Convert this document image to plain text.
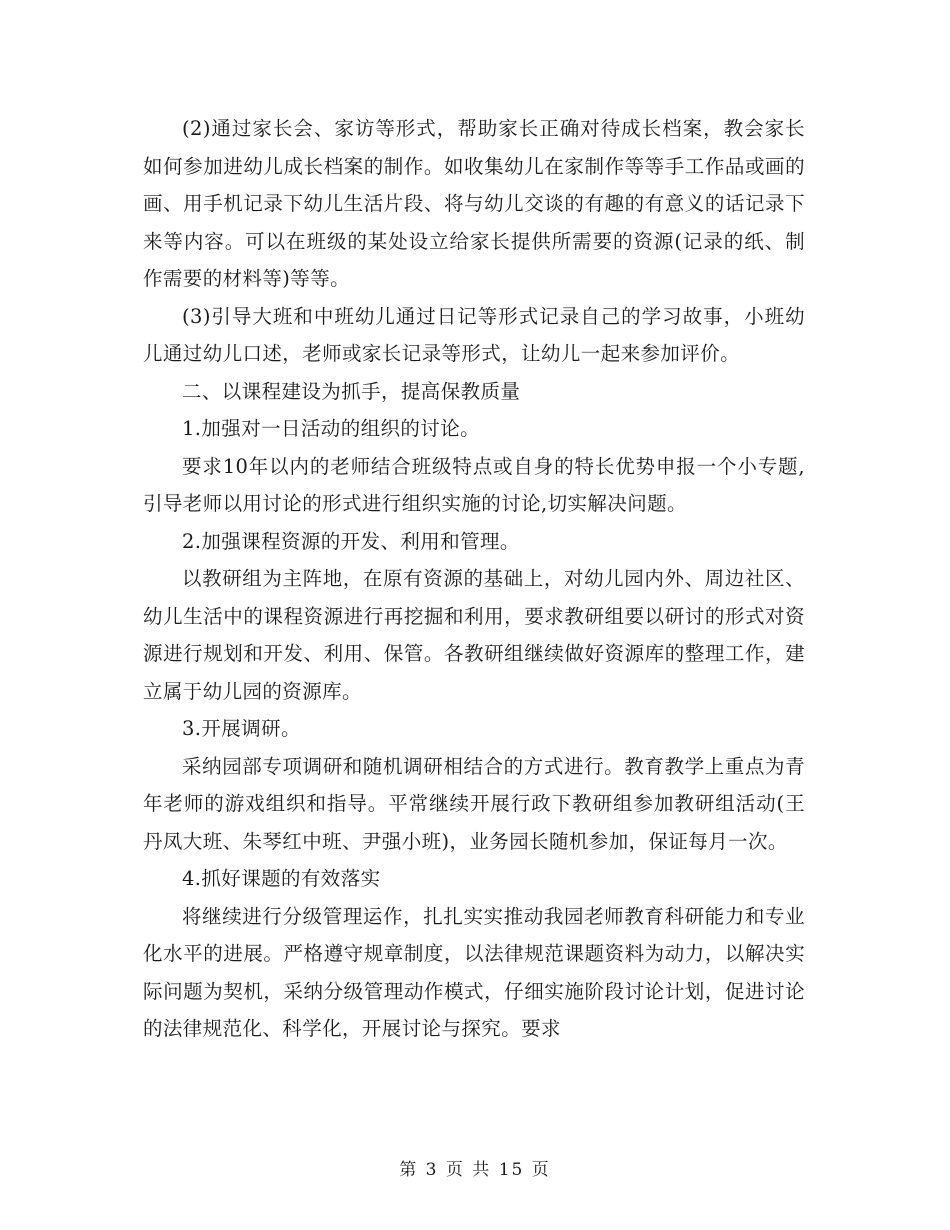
(2)通过家长会、家访等形式，帮助家长正确对待成长档案，教会家长如何参加进幼儿成长档案的制作。如收集幼儿在家制作等等手工作品或画的画、用手机记录下幼儿生活片段、将与幼儿交谈的有趣的有意义的话记录下来等内容。可以在班级的某处设立给家长提供所需要的资源(记录的纸、制作需要的材料等)等等。

(3)引导大班和中班幼儿通过日记等形式记录自己的学习故事，小班幼儿通过幼儿口述，老师或家长记录等形式，让幼儿一起来参加评价。

二、以课程建设为抓手，提高保教质量

1.加强对一日活动的组织的讨论。

要求10年以内的老师结合班级特点或自身的特长优势申报一个小专题,引导老师以用讨论的形式进行组织实施的讨论,切实解决问题。

2.加强课程资源的开发、利用和管理。

以教研组为主阵地，在原有资源的基础上，对幼儿园内外、周边社区、幼儿生活中的课程资源进行再挖掘和利用，要求教研组要以研讨的形式对资源进行规划和开发、利用、保管。各教研组继续做好资源库的整理工作，建立属于幼儿园的资源库。

3.开展调研。

采纳园部专项调研和随机调研相结合的方式进行。教育教学上重点为青年老师的游戏组织和指导。平常继续开展行政下教研组参加教研组活动(王丹凤大班、朱琴红中班、尹强小班)，业务园长随机参加，保证每月一次。

4.抓好课题的有效落实

将继续进行分级管理运作，扎扎实实推动我园老师教育科研能力和专业化水平的进展。严格遵守规章制度，以法律规范课题资料为动力，以解决实际问题为契机，采纳分级管理动作模式，仔细实施阶段讨论计划，促进讨论的法律规范化、科学化，开展讨论与探究。要求

第 3 页 共 15 页
